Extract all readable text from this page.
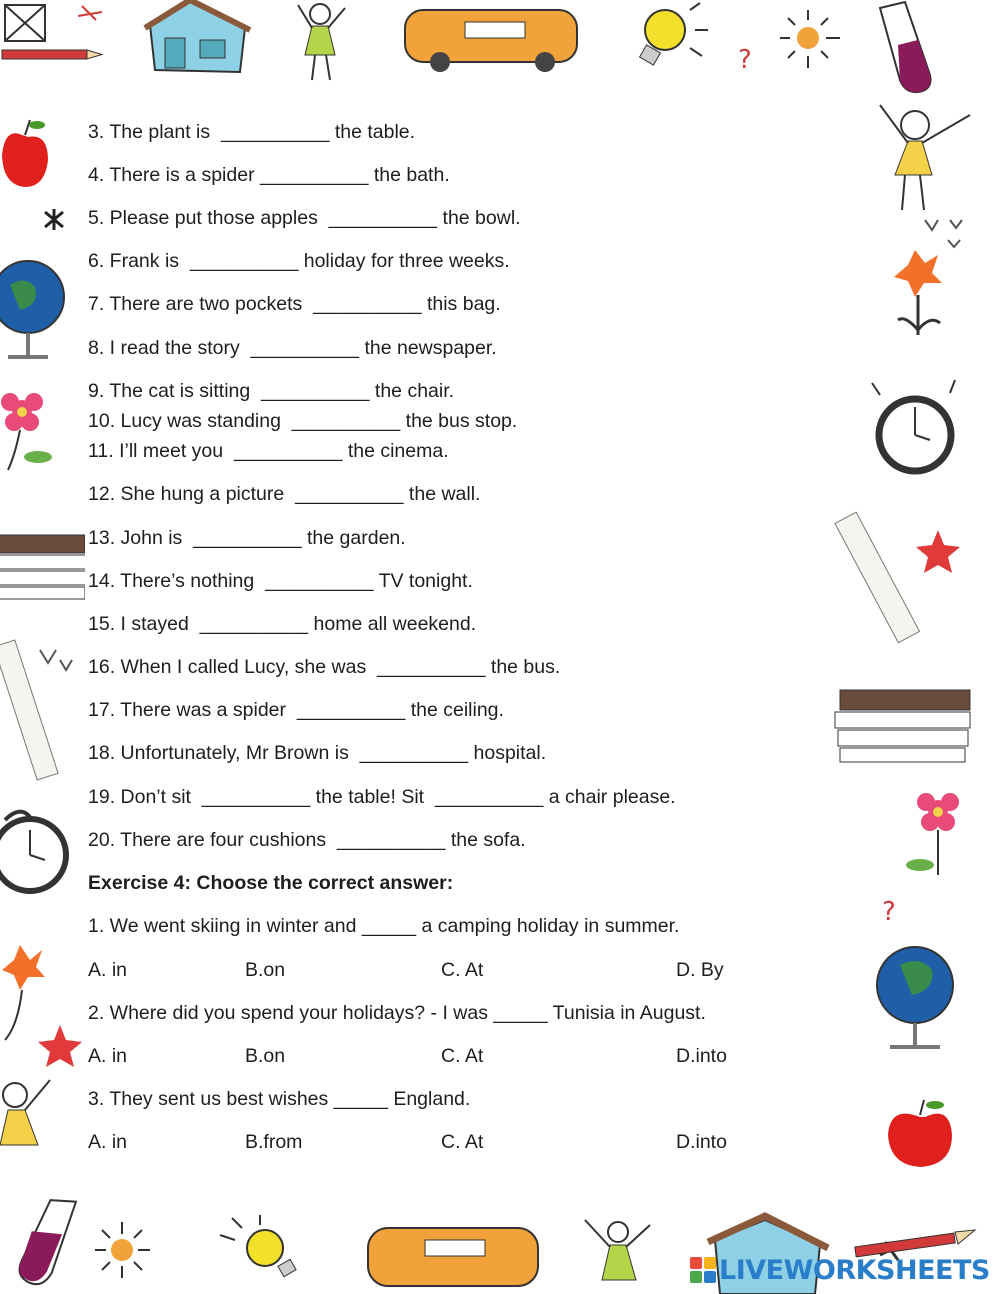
3. The plant is  __________ the table.
4. There is a spider __________ the bath.
5. Please put those apples  __________ the bowl.
6. Frank is  __________ holiday for three weeks.
7. There are two pockets  __________ this bag.
8. I read the story  __________ the newspaper.
9. The cat is sitting  __________ the chair.
10. Lucy was standing  __________ the bus stop.
11. I’ll meet you  __________ the cinema.
12. She hung a picture  __________ the wall.
13. John is  __________ the garden.
14. There’s nothing  __________ TV tonight.
15. I stayed  __________ home all weekend.
16. When I called Lucy, she was  __________ the bus.
17. There was a spider  __________ the ceiling.
18. Unfortunately, Mr Brown is  __________ hospital.
19. Don’t sit  __________ the table! Sit  __________ a chair please.
20. There are four cushions  __________ the sofa.
Exercise 4: Choose the correct answer:
1. We went skiing in winter and _____ a camping holiday in summer.
A. in	B.on	C. At	D. By
2. Where did you spend your holidays? - I was _____ Tunisia in August.
A. in	B.on	C. At	D.into
3. They sent us best wishes _____ England.
A. in	B.from	C. At	D.into
?
?
LIVEWORKSHEETS
